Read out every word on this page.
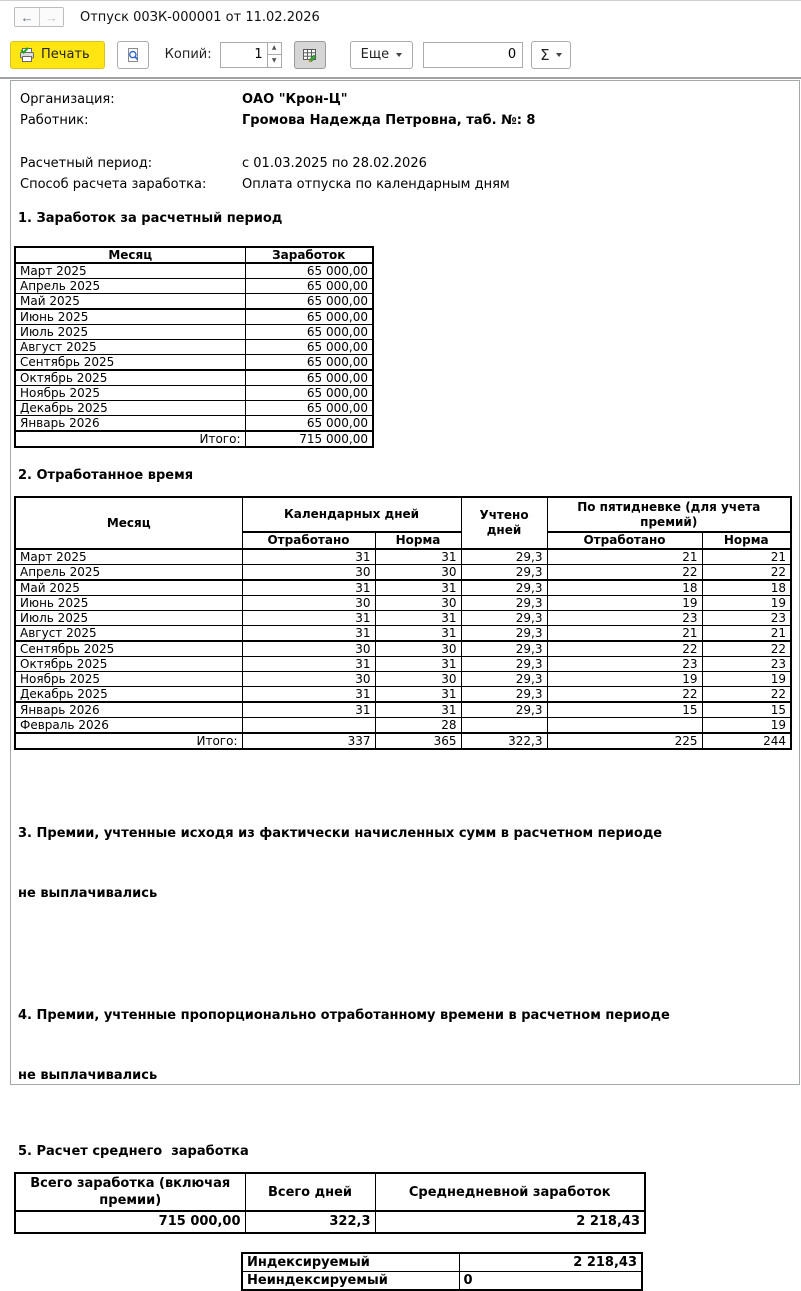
← → Отпуск 00ЗК-000001 от 11.02.2026
Печать	Копий:
1	▲
▼	Еще
0	Σ
Организация:	ОАО "Крон-Ц"
Работник:	Громова Надежда Петровна, таб. №: 8
Расчетный период:	с 01.03.2025 по 28.02.2026
Способ расчета заработка:	Оплата отпуска по календарным дням
1. Заработок за расчетный период
Месяц	Заработок
Март 2025	65 000,00
Апрель 2025	65 000,00
Май 2025	65 000,00
Июнь 2025	65 000,00
Июль 2025	65 000,00
Август 2025	65 000,00
Сентябрь 2025	65 000,00
Октябрь 2025	65 000,00
Ноябрь 2025	65 000,00
Декабрь 2025	65 000,00
Январь 2026	65 000,00
Итого:	715 000,00
2. Отработанное время
Месяц	Календарных дней		Учтено дней	По пятидневке (для учета премий)	
	Отработано	Норма		Отработано	Норма
Март 2025	31	31	29,3	21	21
Апрель 2025	30	30	29,3	22	22
Май 2025	31	31	29,3	18	18
Июнь 2025	30	30	29,3	19	19
Июль 2025	31	31	29,3	23	23
Август 2025	31	31	29,3	21	21
Сентябрь 2025	30	30	29,3	22	22
Октябрь 2025	31	31	29,3	23	23
Ноябрь 2025	30	30	29,3	19	19
Декабрь 2025	31	31	29,3	22	22
Январь 2026	31	31	29,3	15	15
Февраль 2026		28			19
Итого:	337	365	322,3	225	244

3. Премии, учтенные исходя из фактически начисленных сумм в расчетном периоде

не выплачивались

4. Премии, учтенные пропорционально отработанному времени в расчетном периоде

не выплачивались

5. Расчет среднего  заработка
Всего заработка (включая премии)	Всего дней	Среднедневной заработок
715 000,00	322,3	2 218,43
Индексируемый	2 218,43
Неиндексируемый	0
